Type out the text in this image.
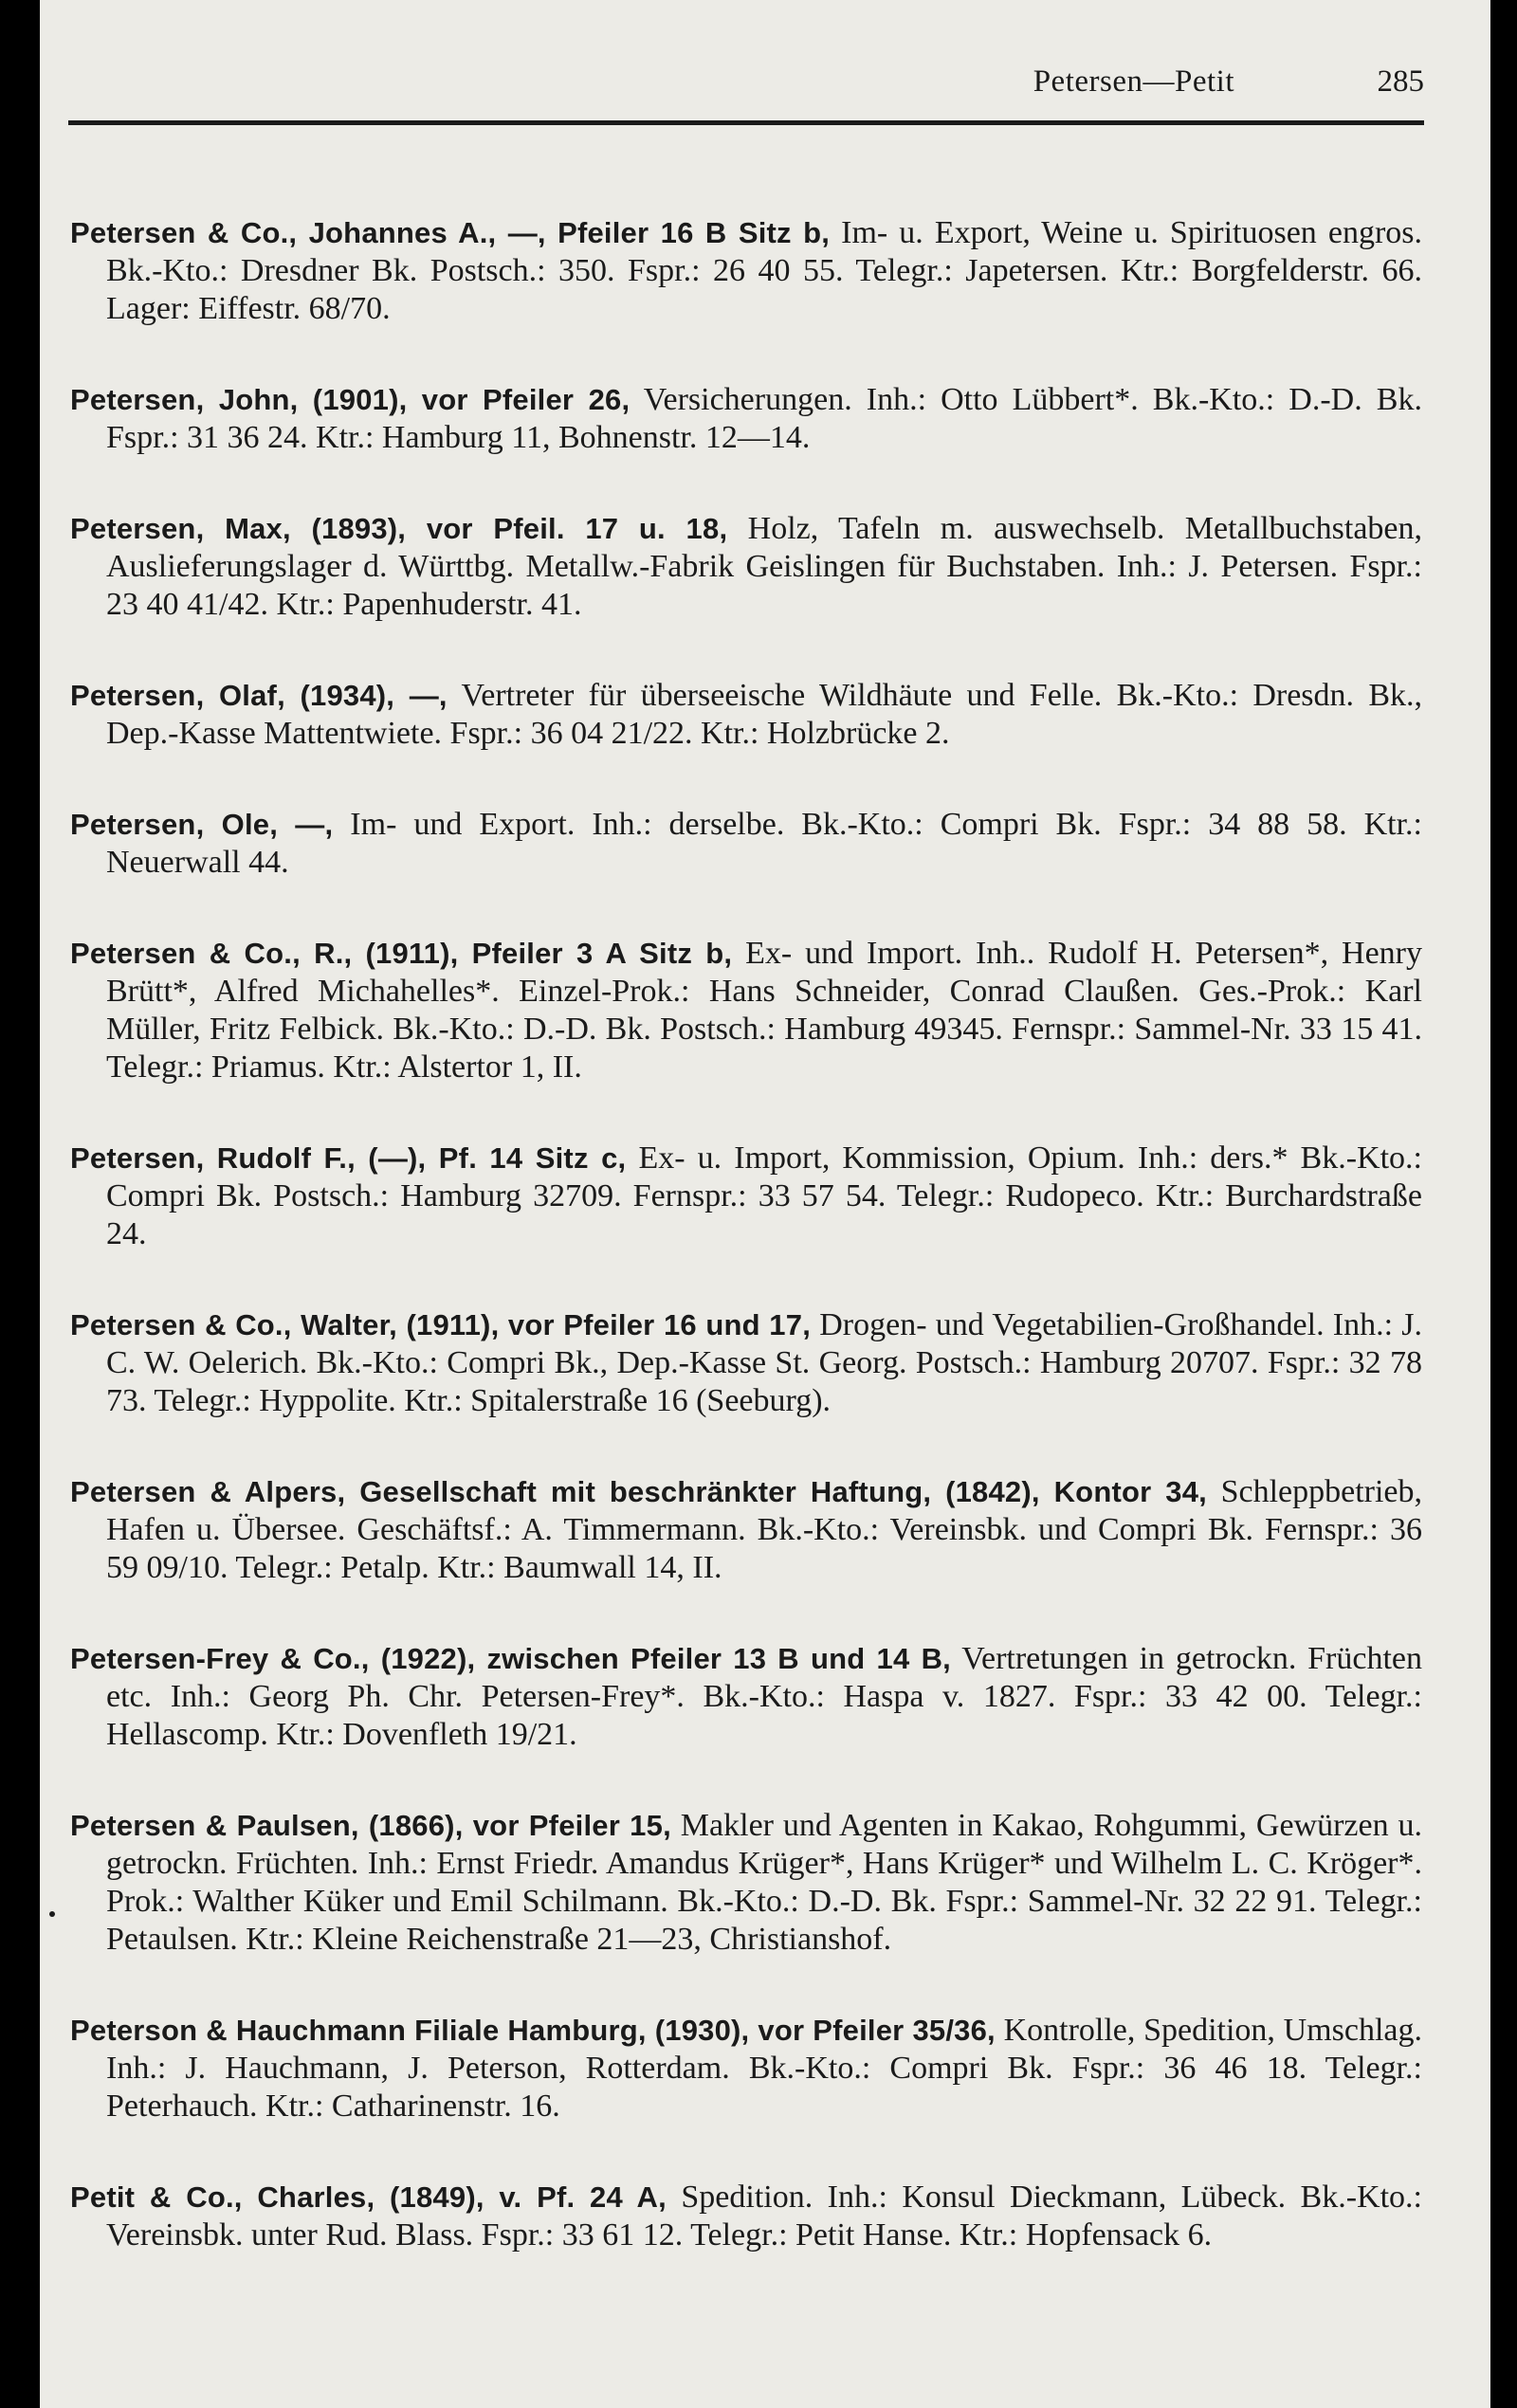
Petersen—Petit	285

Petersen & Co., Johannes A., —, Pfeiler 16 B Sitz b, Im- u. Export, Weine u. Spirituosen engros. Bk.-Kto.: Dresdner Bk. Postsch.: 350. Fspr.: 26 40 55. Telegr.: Japetersen. Ktr.: Borgfelderstr. 66. Lager: Eiffestr. 68/70.

Petersen, John, (1901), vor Pfeiler 26, Versicherungen. Inh.: Otto Lübbert*. Bk.-Kto.: D.-D. Bk. Fspr.: 31 36 24. Ktr.: Hamburg 11, Bohnenstr. 12—14.

Petersen, Max, (1893), vor Pfeil. 17 u. 18, Holz, Tafeln m. auswechselb. Metallbuchstaben, Auslieferungslager d. Württbg. Metallw.-Fabrik Geislingen für Buchstaben. Inh.: J. Petersen. Fspr.: 23 40 41/42. Ktr.: Papenhuderstr. 41.

Petersen, Olaf, (1934), —, Vertreter für überseeische Wildhäute und Felle. Bk.-Kto.: Dresdn. Bk., Dep.-Kasse Mattentwiete. Fspr.: 36 04 21/22. Ktr.: Holzbrücke 2.

Petersen, Ole, —, Im- und Export. Inh.: derselbe. Bk.-Kto.: Compri Bk. Fspr.: 34 88 58. Ktr.: Neuerwall 44.

Petersen & Co., R., (1911), Pfeiler 3 A Sitz b, Ex- und Import. Inh.. Rudolf H. Petersen*, Henry Brütt*, Alfred Michahelles*. Einzel-Prok.: Hans Schneider, Conrad Claußen. Ges.-Prok.: Karl Müller, Fritz Felbick. Bk.-Kto.: D.-D. Bk. Postsch.: Hamburg 49345. Fernspr.: Sammel-Nr. 33 15 41. Telegr.: Priamus. Ktr.: Alstertor 1, II.

Petersen, Rudolf F., (—), Pf. 14 Sitz c, Ex- u. Import, Kommission, Opium. Inh.: ders.* Bk.-Kto.: Compri Bk. Postsch.: Hamburg 32709. Fernspr.: 33 57 54. Telegr.: Rudopeco. Ktr.: Burchardstraße 24.

Petersen & Co., Walter, (1911), vor Pfeiler 16 und 17, Drogen- und Vegetabilien-Großhandel. Inh.: J. C. W. Oelerich. Bk.-Kto.: Compri Bk., Dep.-Kasse St. Georg. Postsch.: Hamburg 20707. Fspr.: 32 78 73. Telegr.: Hyppolite. Ktr.: Spitalerstraße 16 (Seeburg).

Petersen & Alpers, Gesellschaft mit beschränkter Haftung, (1842), Kontor 34, Schleppbetrieb, Hafen u. Übersee. Geschäftsf.: A. Timmermann. Bk.-Kto.: Vereinsbk. und Compri Bk. Fernspr.: 36 59 09/10. Telegr.: Petalp. Ktr.: Baumwall 14, II.

Petersen-Frey & Co., (1922), zwischen Pfeiler 13 B und 14 B, Vertretungen in getrockn. Früchten etc. Inh.: Georg Ph. Chr. Petersen-Frey*. Bk.-Kto.: Haspa v. 1827. Fspr.: 33 42 00. Telegr.: Hellascomp. Ktr.: Dovenfleth 19/21.

Petersen & Paulsen, (1866), vor Pfeiler 15, Makler und Agenten in Kakao, Rohgummi, Gewürzen u. getrockn. Früchten. Inh.: Ernst Friedr. Amandus Krüger*, Hans Krüger* und Wilhelm L. C. Kröger*. Prok.: Walther Küker und Emil Schilmann. Bk.-Kto.: D.-D. Bk. Fspr.: Sammel-Nr. 32 22 91. Telegr.: Petaulsen. Ktr.: Kleine Reichenstraße 21—23, Christianshof.

Peterson & Hauchmann Filiale Hamburg, (1930), vor Pfeiler 35/36, Kontrolle, Spedition, Umschlag. Inh.: J. Hauchmann, J. Peterson, Rotterdam. Bk.-Kto.: Compri Bk. Fspr.: 36 46 18. Telegr.: Peterhauch. Ktr.: Catharinenstr. 16.

Petit & Co., Charles, (1849), v. Pf. 24 A, Spedition. Inh.: Konsul Dieckmann, Lübeck. Bk.-Kto.: Vereinsbk. unter Rud. Blass. Fspr.: 33 61 12. Telegr.: Petit Hanse. Ktr.: Hopfensack 6.
